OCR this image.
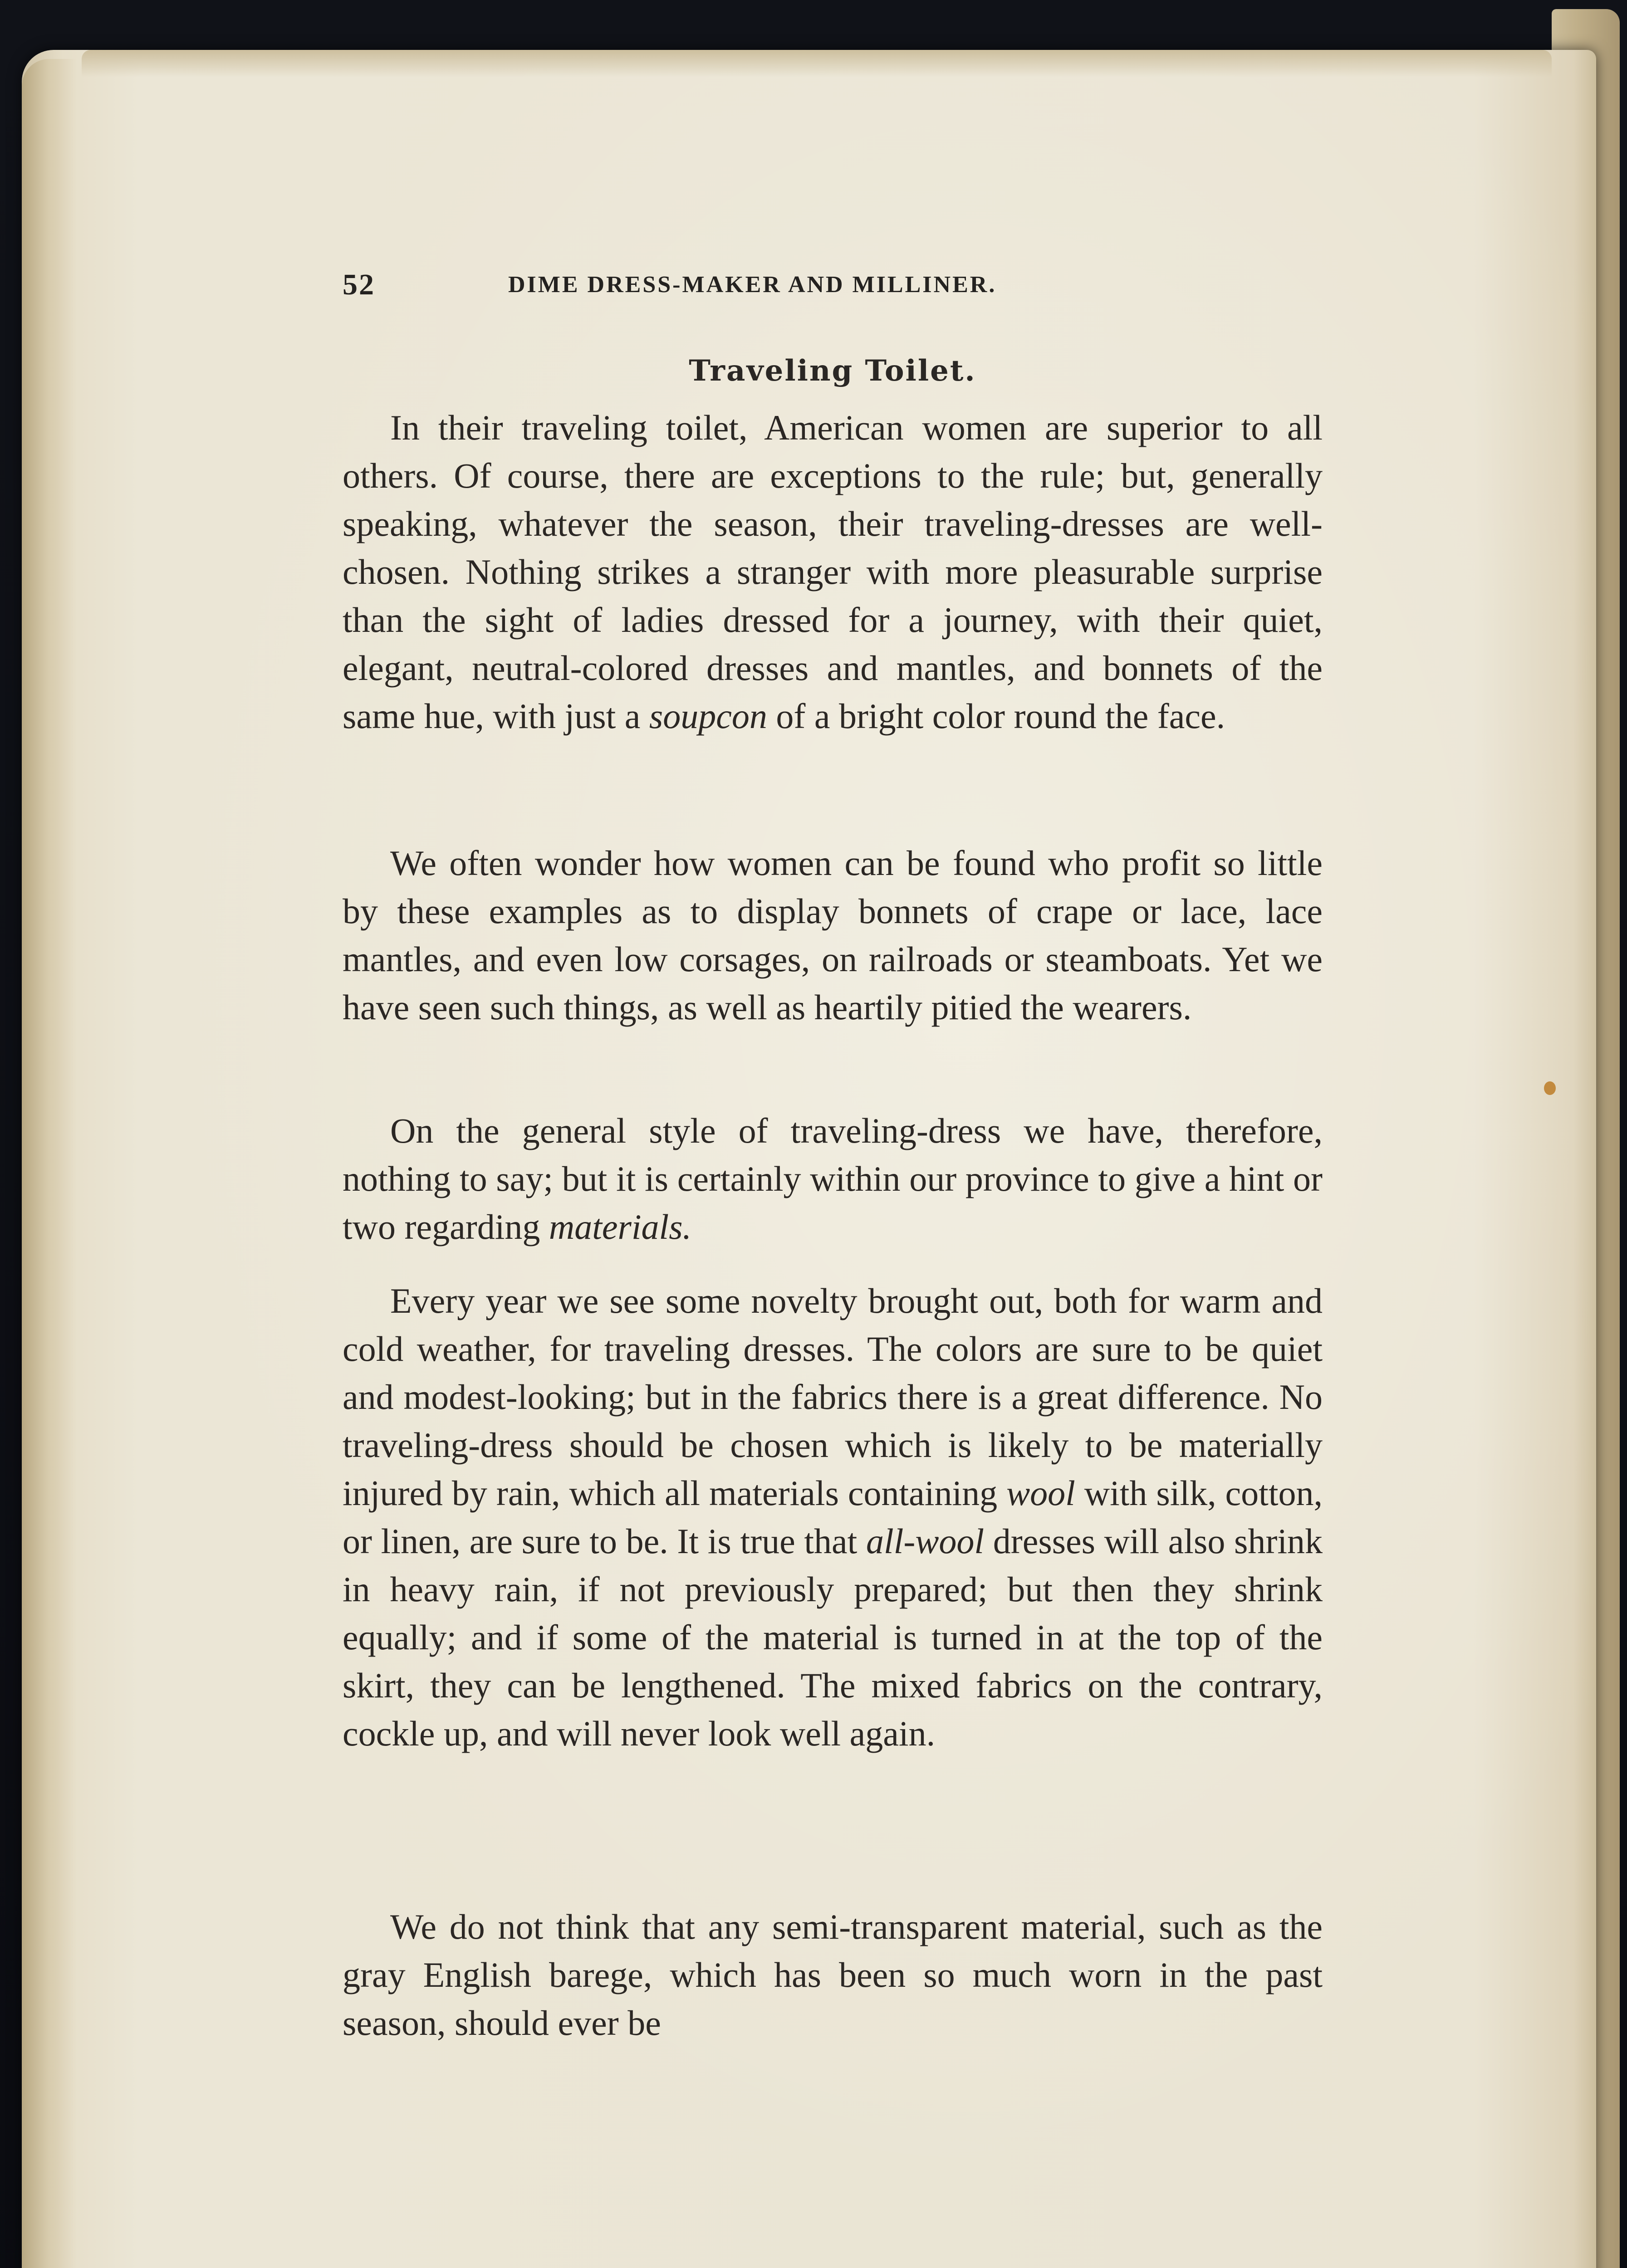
52	DIME DRESS-MAKER AND MILLINER.
Traveling Toilet.

In their traveling toilet, American women are superior to all others. Of course, there are exceptions to the rule; but, generally speaking, whatever the season, their traveling-dresses are well-chosen. Nothing strikes a stranger with more pleasurable surprise than the sight of ladies dressed for a journey, with their quiet, elegant, neutral-colored dresses and mantles, and bonnets of the same hue, with just a soupcon of a bright color round the face.

We often wonder how women can be found who profit so little by these examples as to display bonnets of crape or lace, lace mantles, and even low corsages, on railroads or steamboats. Yet we have seen such things, as well as heartily pitied the wearers.

On the general style of traveling-dress we have, therefore, nothing to say; but it is certainly within our province to give a hint or two regarding materials.

Every year we see some novelty brought out, both for warm and cold weather, for traveling dresses. The colors are sure to be quiet and modest-looking; but in the fabrics there is a great difference. No traveling-dress should be chosen which is likely to be materially injured by rain, which all materials containing wool with silk, cotton, or linen, are sure to be. It is true that all-wool dresses will also shrink in heavy rain, if not previously prepared; but then they shrink equally; and if some of the material is turned in at the top of the skirt, they can be lengthened. The mixed fabrics on the contrary, cockle up, and will never look well again.

We do not think that any semi-transparent material, such as the gray English barege, which has been so much worn in the past season, should ever be
